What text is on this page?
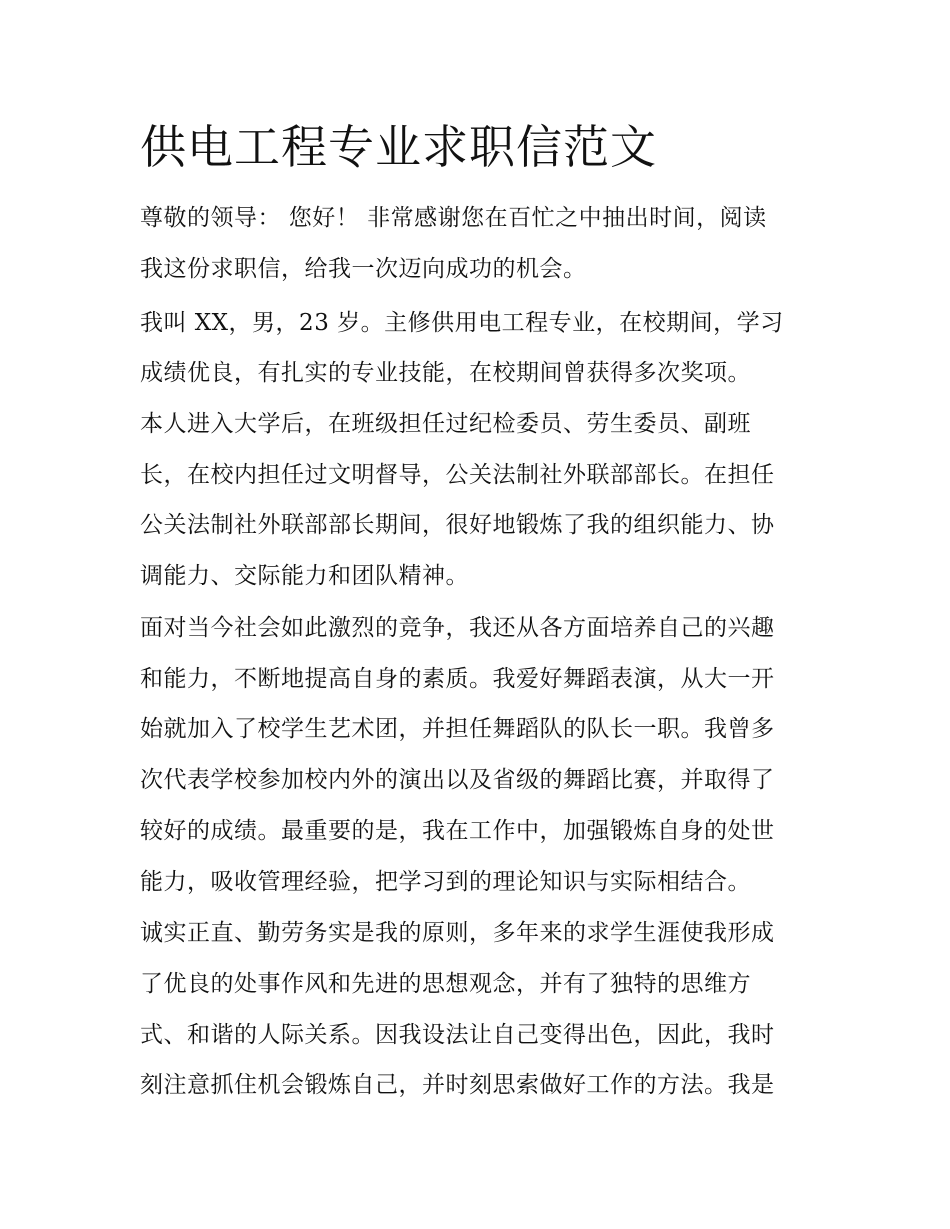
供电工程专业求职信范文

尊敬的领导： 您好！ 非常感谢您在百忙之中抽出时间，阅读

我这份求职信，给我一次迈向成功的机会。

我叫 XX，男，23 岁。主修供用电工程专业，在校期间，学习

成绩优良，有扎实的专业技能，在校期间曾获得多次奖项。

本人进入大学后，在班级担任过纪检委员、劳生委员、副班

长，在校内担任过文明督导，公关法制社外联部部长。在担任

公关法制社外联部部长期间，很好地锻炼了我的组织能力、协

调能力、交际能力和团队精神。

面对当今社会如此激烈的竞争，我还从各方面培养自己的兴趣

和能力，不断地提高自身的素质。我爱好舞蹈表演，从大一开

始就加入了校学生艺术团，并担任舞蹈队的队长一职。我曾多

次代表学校参加校内外的演出以及省级的舞蹈比赛，并取得了

较好的成绩。最重要的是，我在工作中，加强锻炼自身的处世

能力，吸收管理经验，把学习到的理论知识与实际相结合。

诚实正直、勤劳务实是我的原则，多年来的求学生涯使我形成

了优良的处事作风和先进的思想观念，并有了独特的思维方

式、和谐的人际关系。因我设法让自己变得出色，因此，我时

刻注意抓住机会锻炼自己，并时刻思索做好工作的方法。我是
